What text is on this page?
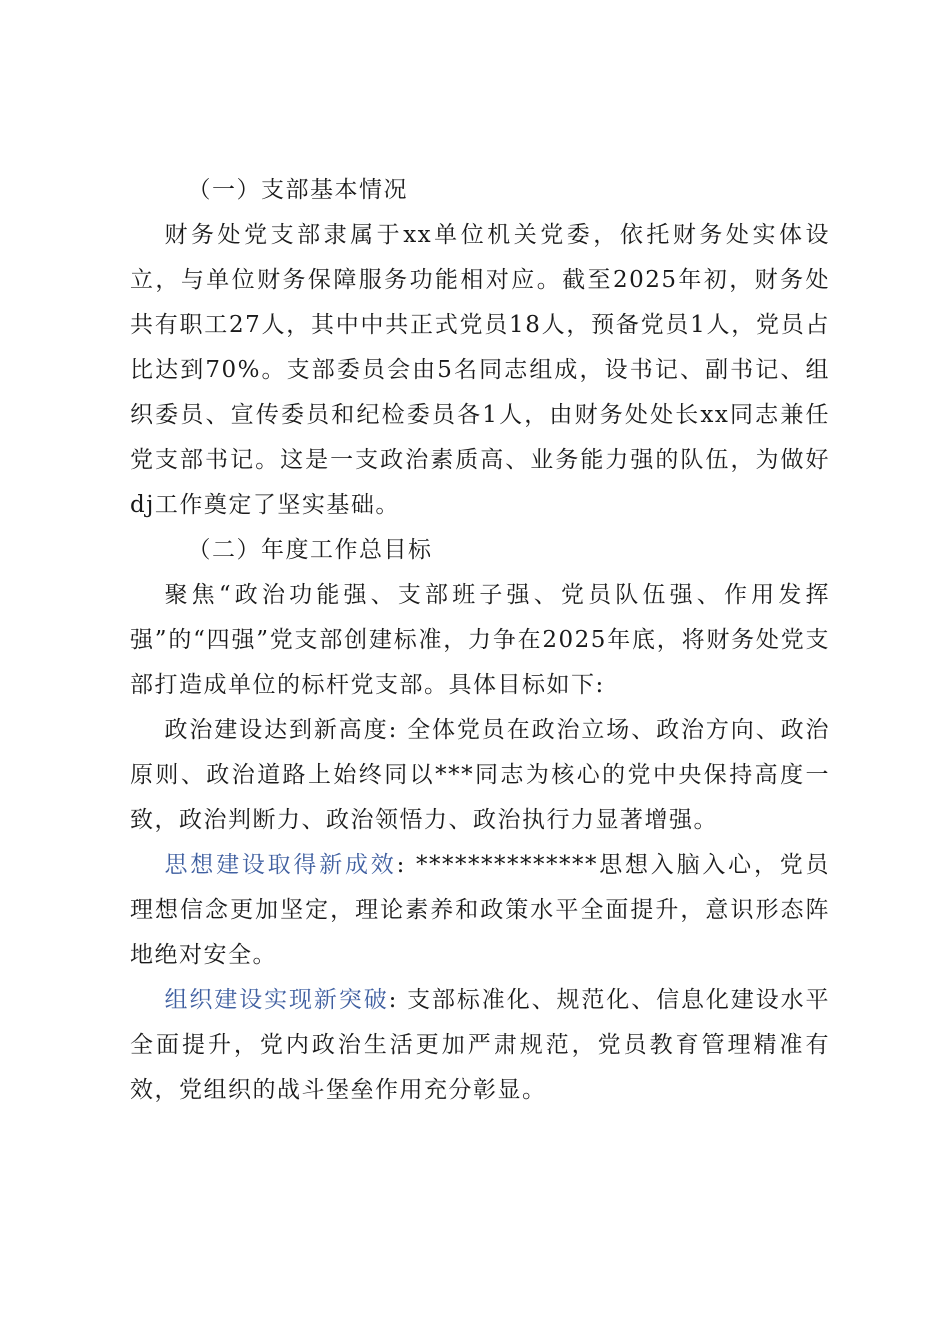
（一）支部基本情况

财务处党支部隶属于xx单位机关党委，依托财务处实体设立，与单位财务保障服务功能相对应。截至2025年初，财务处共有职工27人，其中中共正式党员18人，预备党员1人，党员占比达到70%。支部委员会由5名同志组成，设书记、副书记、组织委员、宣传委员和纪检委员各1人，由财务处处长xx同志兼任党支部书记。这是一支政治素质高、业务能力强的队伍，为做好dj工作奠定了坚实基础。

（二）年度工作总目标

聚焦“政治功能强、支部班子强、党员队伍强、作用发挥强”的“四强”党支部创建标准，力争在2025年底，将财务处党支部打造成单位的标杆党支部。具体目标如下:

政治建设达到新高度: 全体党员在政治立场、政治方向、政治原则、政治道路上始终同以***同志为核心的党中央保持高度一致，政治判断力、政治领悟力、政治执行力显著增强。

思想建设取得新成效: **************思想入脑入心，党员理想信念更加坚定，理论素养和政策水平全面提升，意识形态阵地绝对安全。

组织建设实现新突破: 支部标准化、规范化、信息化建设水平全面提升，党内政治生活更加严肃规范，党员教育管理精准有效，党组织的战斗堡垒作用充分彰显。
